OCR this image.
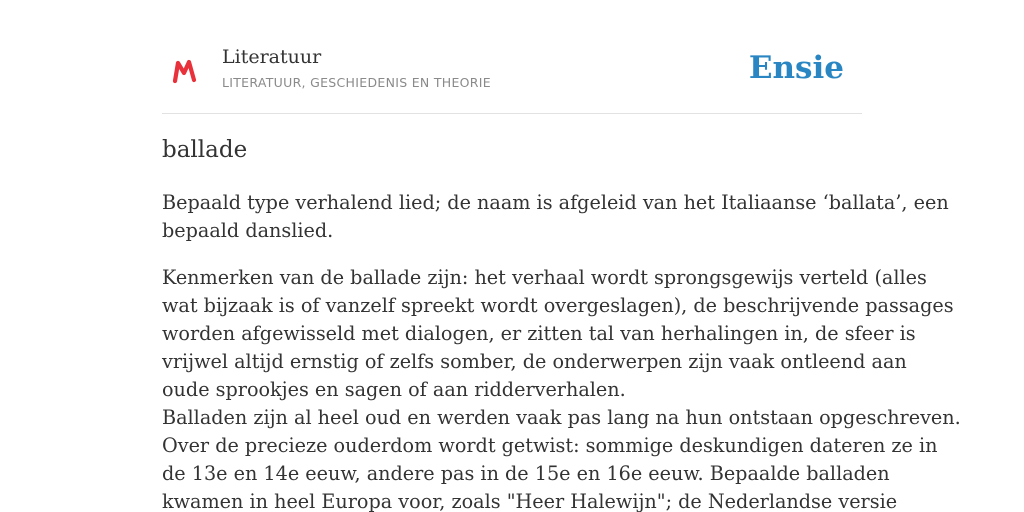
Literatuur
LITERATUUR, GESCHIEDENIS EN THEORIE	Ensie
ballade

Bepaald type verhalend lied; de naam is afgeleid van het Italiaanse ‘ballata’, een
bepaald danslied.

Kenmerken van de ballade zijn: het verhaal wordt sprongsgewijs verteld (alles
wat bijzaak is of vanzelf spreekt wordt overgeslagen), de beschrijvende passages
worden afgewisseld met dialogen, er zitten tal van herhalingen in, de sfeer is
vrijwel altijd ernstig of zelfs somber, de onderwerpen zijn vaak ontleend aan
oude sprookjes en sagen of aan ridderverhalen.
Balladen zijn al heel oud en werden vaak pas lang na hun ontstaan opgeschreven.
Over de precieze ouderdom wordt getwist: sommige deskundigen dateren ze in
de 13e en 14e eeuw, andere pas in de 15e en 16e eeuw. Bepaalde balladen
kwamen in heel Europa voor, zoals "Heer Halewijn"; de Nederlandse versie
